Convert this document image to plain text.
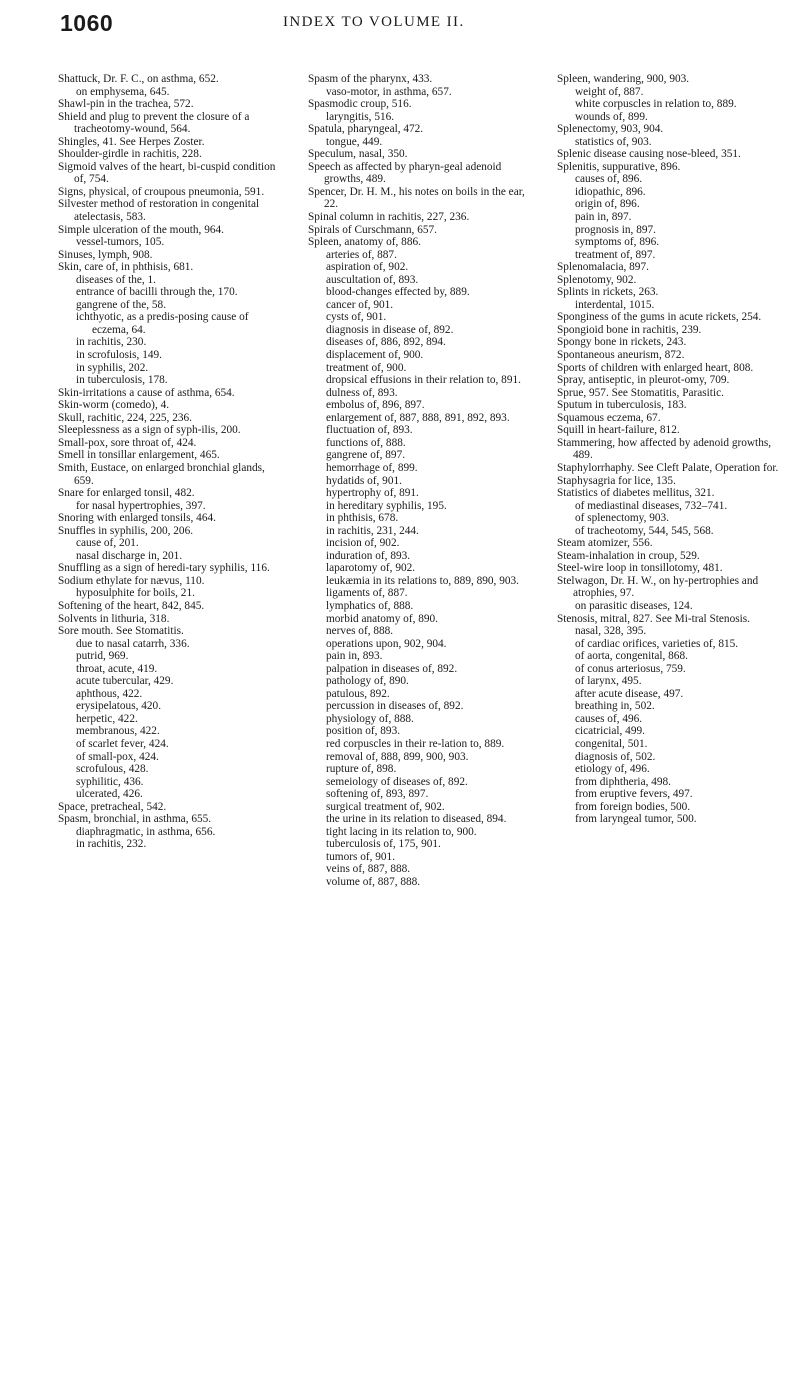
1060	INDEX TO VOLUME II.

Shattuck, Dr. F. C., on asthma, 652.

on emphysema, 645.

Shawl-pin in the trachea, 572.

Shield and plug to prevent the closure of a tracheotomy-wound, 564.

Shingles, 41. See Herpes Zoster.

Shoulder-girdle in rachitis, 228.

Sigmoid valves of the heart, bi-cuspid condition of, 754.

Signs, physical, of croupous pneumonia, 591.

Silvester method of restoration in congenital atelectasis, 583.

Simple ulceration of the mouth, 964.

vessel-tumors, 105.

Sinuses, lymph, 908.

Skin, care of, in phthisis, 681.

diseases of the, 1.

entrance of bacilli through the, 170.

gangrene of the, 58.

ichthyotic, as a predis-posing cause of eczema, 64.

in rachitis, 230.

in scrofulosis, 149.

in syphilis, 202.

in tuberculosis, 178.

Skin-irritations a cause of asthma, 654.

Skin-worm (comedo), 4.

Skull, rachitic, 224, 225, 236.

Sleeplessness as a sign of syph-ilis, 200.

Small-pox, sore throat of, 424.

Smell in tonsillar enlargement, 465.

Smith, Eustace, on enlarged bronchial glands, 659.

Snare for enlarged tonsil, 482.

for nasal hypertrophies, 397.

Snoring with enlarged tonsils, 464.

Snuffles in syphilis, 200, 206.

cause of, 201.

nasal discharge in, 201.

Snuffling as a sign of heredi-tary syphilis, 116.

Sodium ethylate for nævus, 110.

hyposulphite for boils, 21.

Softening of the heart, 842, 845.

Solvents in lithuria, 318.

Sore mouth. See Stomatitis.

due to nasal catarrh, 336.

putrid, 969.

throat, acute, 419.

acute tubercular, 429.

aphthous, 422.

erysipelatous, 420.

herpetic, 422.

membranous, 422.

of scarlet fever, 424.

of small-pox, 424.

scrofulous, 428.

syphilitic, 436.

ulcerated, 426.

Space, pretracheal, 542.

Spasm, bronchial, in asthma, 655.

diaphragmatic, in asthma, 656.

in rachitis, 232.

Spasm of the pharynx, 433.

vaso-motor, in asthma, 657.

Spasmodic croup, 516.

laryngitis, 516.

Spatula, pharyngeal, 472.

tongue, 449.

Speculum, nasal, 350.

Speech as affected by pharyn-geal adenoid growths, 489.

Spencer, Dr. H. M., his notes on boils in the ear, 22.

Spinal column in rachitis, 227, 236.

Spirals of Curschmann, 657.

Spleen, anatomy of, 886.

arteries of, 887.

aspiration of, 902.

auscultation of, 893.

blood-changes effected by, 889.

cancer of, 901.

cysts of, 901.

diagnosis in disease of, 892.

diseases of, 886, 892, 894.

displacement of, 900.

treatment of, 900.

dropsical effusions in their relation to, 891.

dulness of, 893.

embolus of, 896, 897.

enlargement of, 887, 888, 891, 892, 893.

fluctuation of, 893.

functions of, 888.

gangrene of, 897.

hemorrhage of, 899.

hydatids of, 901.

hypertrophy of, 891.

in hereditary syphilis, 195.

in phthisis, 678.

in rachitis, 231, 244.

incision of, 902.

induration of, 893.

laparotomy of, 902.

leukæmia in its relations to, 889, 890, 903.

ligaments of, 887.

lymphatics of, 888.

morbid anatomy of, 890.

nerves of, 888.

operations upon, 902, 904.

pain in, 893.

palpation in diseases of, 892.

pathology of, 890.

patulous, 892.

percussion in diseases of, 892.

physiology of, 888.

position of, 893.

red corpuscles in their re-lation to, 889.

removal of, 888, 899, 900, 903.

rupture of, 898.

semeiology of diseases of, 892.

softening of, 893, 897.

surgical treatment of, 902.

the urine in its relation to diseased, 894.

tight lacing in its relation to, 900.

tuberculosis of, 175, 901.

tumors of, 901.

veins of, 887, 888.

volume of, 887, 888.

Spleen, wandering, 900, 903.

weight of, 887.

white corpuscles in relation to, 889.

wounds of, 899.

Splenectomy, 903, 904.

statistics of, 903.

Splenic disease causing nose-bleed, 351.

Splenitis, suppurative, 896.

causes of, 896.

idiopathic, 896.

origin of, 896.

pain in, 897.

prognosis in, 897.

symptoms of, 896.

treatment of, 897.

Splenomalacia, 897.

Splenotomy, 902.

Splints in rickets, 263.

interdental, 1015.

Sponginess of the gums in acute rickets, 254.

Spongioid bone in rachitis, 239.

Spongy bone in rickets, 243.

Spontaneous aneurism, 872.

Sports of children with enlarged heart, 808.

Spray, antiseptic, in pleurot-omy, 709.

Sprue, 957. See Stomatitis, Parasitic.

Sputum in tuberculosis, 183.

Squamous eczema, 67.

Squill in heart-failure, 812.

Stammering, how affected by adenoid growths, 489.

Staphylorrhaphy. See Cleft Palate, Operation for.

Staphysagria for lice, 135.

Statistics of diabetes mellitus, 321.

of mediastinal diseases, 732–741.

of splenectomy, 903.

of tracheotomy, 544, 545, 568.

Steam atomizer, 556.

Steam-inhalation in croup, 529.

Steel-wire loop in tonsillotomy, 481.

Stelwagon, Dr. H. W., on hy-pertrophies and atrophies, 97.

on parasitic diseases, 124.

Stenosis, mitral, 827. See Mi-tral Stenosis.

nasal, 328, 395.

of cardiac orifices, varieties of, 815.

of aorta, congenital, 868.

of conus arteriosus, 759.

of larynx, 495.

after acute disease, 497.

breathing in, 502.

causes of, 496.

cicatricial, 499.

congenital, 501.

diagnosis of, 502.

etiology of, 496.

from diphtheria, 498.

from eruptive fevers, 497.

from foreign bodies, 500.

from laryngeal tumor, 500.
